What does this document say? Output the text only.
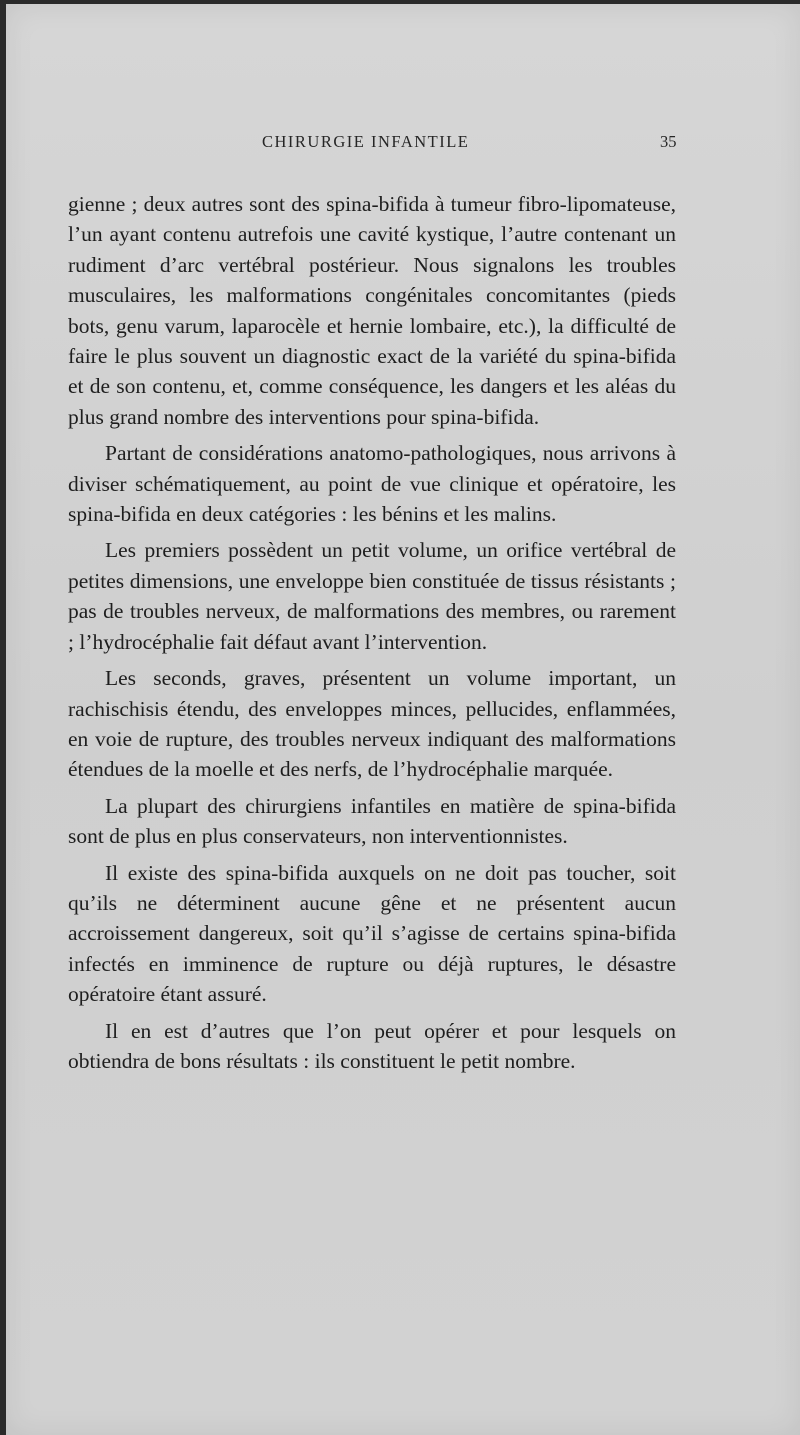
CHIRURGIE INFANTILE	35

gienne ; deux autres sont des spina-bifida à tumeur fibro-lipomateuse, l’un ayant contenu autrefois une cavité kystique, l’autre contenant un rudiment d’arc vertébral postérieur. Nous signalons les troubles musculaires, les malformations congénitales concomitantes (pieds bots, genu varum, laparocèle et hernie lombaire, etc.), la difficulté de faire le plus souvent un diagnostic exact de la variété du spina-bifida et de son contenu, et, comme conséquence, les dangers et les aléas du plus grand nombre des interventions pour spina-bifida.

Partant de considérations anatomo-pathologiques, nous arrivons à diviser schématiquement, au point de vue clinique et opératoire, les spina-bifida en deux catégories : les bénins et les malins.

Les premiers possèdent un petit volume, un orifice vertébral de petites dimensions, une enveloppe bien constituée de tissus résistants ; pas de troubles nerveux, de malformations des membres, ou rarement ; l’hydrocéphalie fait défaut avant l’intervention.

Les seconds, graves, présentent un volume important, un rachischisis étendu, des enveloppes minces, pellucides, enflammées, en voie de rupture, des troubles nerveux indiquant des malformations étendues de la moelle et des nerfs, de l’hydrocéphalie marquée.

La plupart des chirurgiens infantiles en matière de spina-bifida sont de plus en plus conservateurs, non interventionnistes.

Il existe des spina-bifida auxquels on ne doit pas toucher, soit qu’ils ne déterminent aucune gêne et ne présentent aucun accroissement dangereux, soit qu’il s’agisse de certains spina-bifida infectés en imminence de rupture ou déjà ruptures, le désastre opératoire étant assuré.

Il en est d’autres que l’on peut opérer et pour lesquels on obtiendra de bons résultats : ils constituent le petit nombre.
